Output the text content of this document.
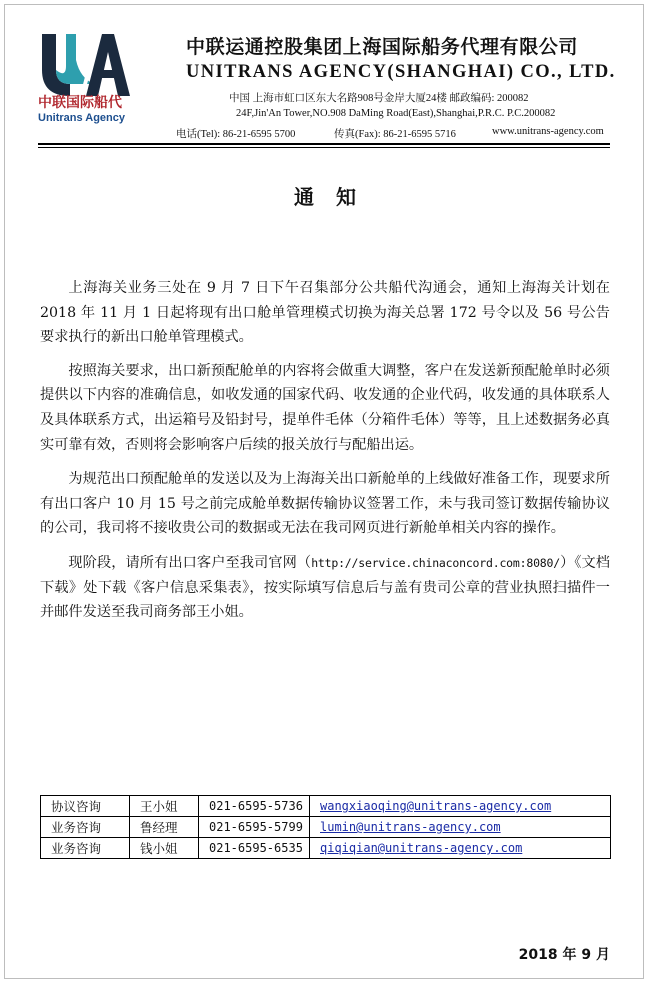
中联国际船代
Unitrans Agency
中联运通控股集团上海国际船务代理有限公司
UNITRANS AGENCY(SHANGHAI) CO., LTD.
中国 上海市虹口区东大名路908号金岸大厦24楼 邮政编码: 200082
24F,Jin'An Tower,NO.908 DaMing Road(East),Shanghai,P.R.C. P.C.200082
电话(Tel): 86-21-6595 5700	传真(Fax): 86-21-6595 5716	www.unitrans-agency.com
通知

上海海关业务三处在 9 月 7 日下午召集部分公共船代沟通会，通知上海海关计划在 2018 年 11 月 1 日起将现有出口舱单管理模式切换为海关总署 172 号令以及 56 号公告要求执行的新出口舱单管理模式。

按照海关要求，出口新预配舱单的内容将会做重大调整，客户在发送新预配舱单时必须提供以下内容的准确信息，如收发通的国家代码、收发通的企业代码，收发通的具体联系人及具体联系方式，出运箱号及铅封号，提单件毛体（分箱件毛体）等等，且上述数据务必真实可靠有效，否则将会影响客户后续的报关放行与配船出运。

为规范出口预配舱单的发送以及为上海海关出口新舱单的上线做好准备工作，现要求所有出口客户 10 月 15 号之前完成舱单数据传输协议签署工作，未与我司签订数据传输协议的公司，我司将不接收贵公司的数据或无法在我司网页进行新舱单相关内容的操作。

现阶段，请所有出口客户至我司官网（http://service.chinaconcord.com:8080/）《文档下载》处下载《客户信息采集表》，按实际填写信息后与盖有贵司公章的营业执照扫描件一并邮件发送至我司商务部王小姐。

协议咨询	王小姐	021-6595-5736	wangxiaoqing@unitrans-agency.com
业务咨询	鲁经理	021-6595-5799	lumin@unitrans-agency.com
业务咨询	钱小姐	021-6595-6535	qiqiqian@unitrans-agency.com
2018 年 9 月
